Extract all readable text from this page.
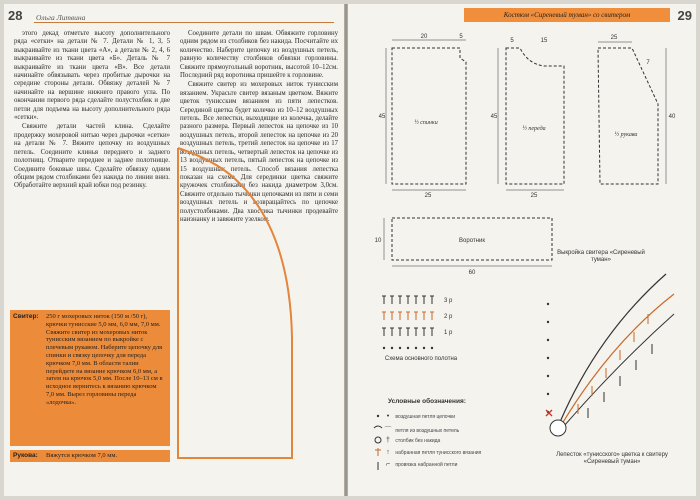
28 Ольга Литвина

этого декад отметьте высоту дополнительного ряда «сетки» на детали № 7. Детали № 1, 3, 5 выкраивайте из ткани цвета «А», а детали № 2, 4, 6 выкраивайте из ткани цвета «Б». Деталь № 7 выкраивайте из ткани цвета «В». Все детали начинайте обвязывать через пробитые дырочки на середине стороны детали. Обвязку деталей № 7 начинайте на вершине нижнего правого угла. По окончании первого ряда сделайте полустолбик и две петли для подъема на высоту дополнительного ряда «сетки».

Свяжите детали частей клина. Сделайте продержку мохеровой нитью через дырочки «сетки» на детали № 7. Вяжите цепочку из воздушных петель. Соедините клинья переднего и заднего полотнищ. Отварите переднее и заднее полотнище. Соедините боковые швы. Сделайте обвязку одним общим рядом столбиками без накида по линии вниз. Обработайте верхний край юбки под резинку.

Соедините детали по швам. Обвяжите горловину одним рядом из столбиков без накида. Посчитайте их количество. Наберите цепочку из воздушных петель, равную количеству столбиков обвязки горловины. Свяжите прямоугольный воротник, высотой 10–12см. Последний ряд воротника пришейте к горловине.

Свяжите свитер из мохеровых ниток тунисским вязанием. Украсьте свитер вязаным цветком. Вяжите цветок тунисским вязанием из пяти лепестков. Серединой цветка будет колечко из 10–12 воздушных петель. Все лепестки, выходящие из колечка, делайте разного размера. Первый лепесток на цепочке из 10 воздушных петель, второй лепесток на цепочке из 20 воздушных петель, третий лепесток на цепочке из 17 воздушных петель, четвертый лепесток на цепочке из 13 воздушных петель, пятый лепесток на цепочке из 15 воздушных петель. Способ вязания лепестка показан на схеме. Для серединки цветка свяжите кружочек столбиками без накида диаметром 3,0см. Свяжите отдельно тычинки цепочками из пяти и семи воздушных петель и возвращайтесь по цепочке полустолбиками. Два хвостика тычинки продевайте наизнанку и завяжите узелком.

Свитер: 250 г мохеровых ниток (150 м /50 г), крючки тунисские 5,0 мм, 6,0 мм, 7,0 мм. Свяжите свитер из мохеровых ниток тунисским вязанием по выкройке с плечевым рукавом. Наберите цепочку для спинки и связку цепочку для переда крючком 7,0 мм. В области талии перейдите на вязание крючком 6,0 мм, а затем на крючок 5,0 мм. После 10–13 см в исходное вернитесь к вязанию крючком 7,0 мм. Вырез горловины переда «лодочка».
Рукова: Вяжутся крючком 7,0 мм.
Костюм «Сиреневый туман» со свитером	29
½ спинки
20	5
45
25
½ переда
5	15
25
45
½ рукава
25
7
40
Воротник
60
10
3 р
2 р
1 р
Выкройка свитера «Сиреневый туман»
Схема основного полотна
Лепесток «тунисского» цветка к свитеру «Сиреневый туман»
Условные обозначения:
• воздушная петля цепочки
⌒ петля из воздушных петель
† столбик без накида
↑ набранная петля тунисского вязания
⌐ провязка набранной петли
